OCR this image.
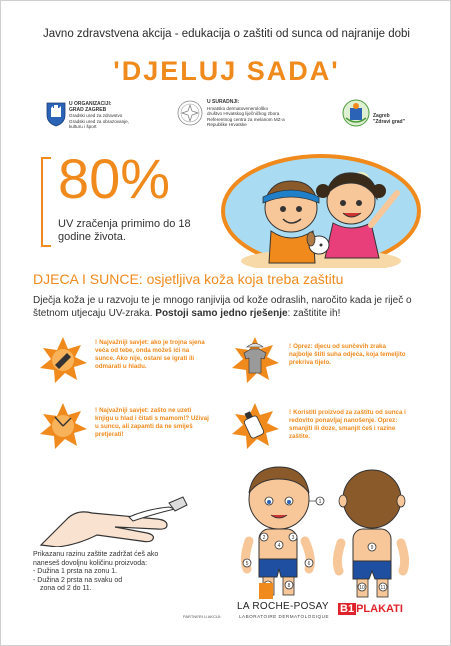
Javno zdravstvena akcija - edukacija o zaštiti od sunca od najranije dobi
'DJELUJ SADA'
U ORGANIZACIJI:
GRAD ZAGREB
Gradski ured za zdravstvo
Gradski ured za obrazovanje,
kulturu i šport
U SURADNJI:
Hrvatsko dermatovenerološko
društvo Hrvatskog liječničkog zbora
Referentnog centra za melanom MZ-a
Republike Hrvatske
Zagreb
"Zdravi grad"
80%
UV zračenja primimo do 18 godine života.
DJECA I SUNCE: osjetljiva koža koja treba zaštitu
Dječja koža je u razvoju te je mnogo ranjivija od kože odraslih, naročito kada je riječ o štetnom utjecaju UV-zraka. Postoji samo jedno rješenje: zaštitite ih!
! Najvažniji savjet: ako je trojna sjena veća od tebe, onda možeš ići na sunce. Ako nije, ostani se igrati ili odmarati u hladu.
! Oprez: djecu od sunčevih zraka najbolje štiti suha odjeća, koja temeljito prekriva tijelo.
! Najvažniji savjet: zašto ne uzeti knjigu u hlad i čitati s mamom!? Uživaj u suncu, ali zapamti da ne smiješ pretjerati!
! Koristiti proizvod za zaštitu od sunca i redovito ponavljaj nanošenje. Oprez: smanjiti ili doze, smanjit ćeš i razine zaštite.
1
2	3
4
5	6
8
9
10	11
Prikazanu razinu zaštite zadržat ćeš ako naneseš dovoljnu količinu proizvoda:
- Dužina 1 prsta na zonu 1.
- Dužina 2 prsta na svaku od
zona od 2 do 11.
PARTNERI U AKCIJI:
LA ROCHE-POSAY
LABORATOIRE DERMATOLOGIQUE
B1 PLAKATI
